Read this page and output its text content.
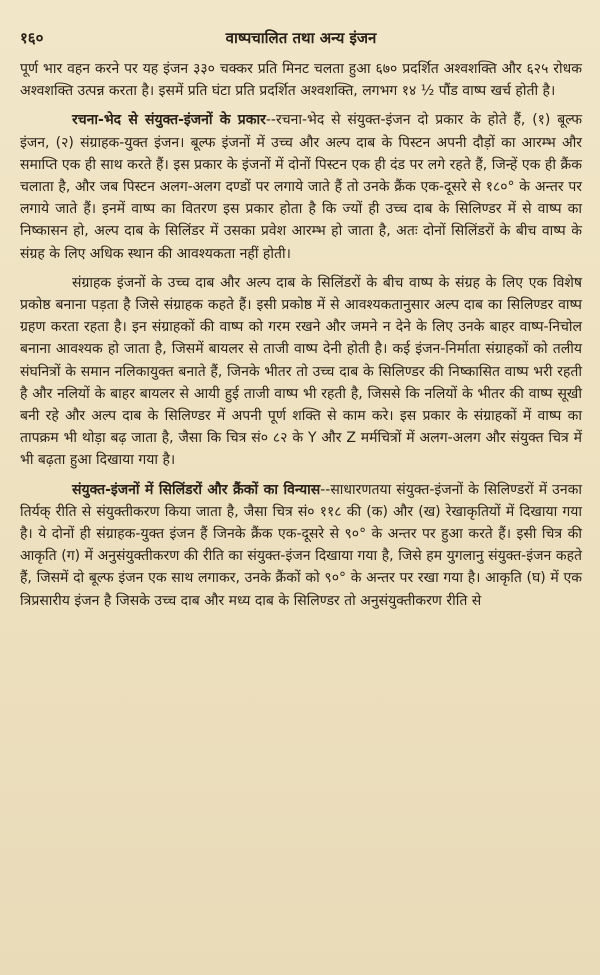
१६०	वाष्पचालित तथा अन्य इंजन

पूर्ण भार वहन करने पर यह इंजन ३३० चक्कर प्रति मिनट चलता हुआ ६७० प्रदर्शित अश्वशक्ति और ६२५ रोधक अश्वशक्ति उत्पन्न करता है। इसमें प्रति घंटा प्रति प्रदर्शित अश्वशक्ति, लगभग १४ ½ पौंड वाष्प खर्च होती है।

रचना-भेद से संयुक्त-इंजनों के प्रकार--रचना-भेद से संयुक्त-इंजन दो प्रकार के होते हैं, (१) बूल्फ इंजन, (२) संग्राहक-युक्त इंजन। बूल्फ इंजनों में उच्च और अल्प दाब के पिस्टन अपनी दौड़ों का आरम्भ और समाप्ति एक ही साथ करते हैं। इस प्रकार के इंजनों में दोनों पिस्टन एक ही दंड पर लगे रहते हैं, जिन्हें एक ही क्रैंक चलाता है, और जब पिस्टन अलग-अलग दण्डों पर लगाये जाते हैं तो उनके क्रैंक एक-दूसरे से १८०° के अन्तर पर लगाये जाते हैं। इनमें वाष्प का वितरण इस प्रकार होता है कि ज्यों ही उच्च दाब के सिलिण्डर में से वाष्प का निष्कासन हो, अल्प दाब के सिलिंडर में उसका प्रवेश आरम्भ हो जाता है, अतः दोनों सिलिंडरों के बीच वाष्प के संग्रह के लिए अधिक स्थान की आवश्यकता नहीं होती।

संग्राहक इंजनों के उच्च दाब और अल्प दाब के सिलिंडरों के बीच वाष्प के संग्रह के लिए एक विशेष प्रकोष्ठ बनाना पड़ता है जिसे संग्राहक कहते हैं। इसी प्रकोष्ठ में से आवश्यकतानुसार अल्प दाब का सिलिण्डर वाष्प ग्रहण करता रहता है। इन संग्राहकों की वाष्प को गरम रखने और जमने न देने के लिए उनके बाहर वाष्प-निचोल बनाना आवश्यक हो जाता है, जिसमें बायलर से ताजी वाष्प देनी होती है। कई इंजन-निर्माता संग्राहकों को तलीय संघनित्रों के समान नलिकायुक्त बनाते हैं, जिनके भीतर तो उच्च दाब के सिलिण्डर की निष्कासित वाष्प भरी रहती है और नलियों के बाहर बायलर से आयी हुई ताजी वाष्प भी रहती है, जिससे कि नलियों के भीतर की वाष्प सूखी बनी रहे और अल्प दाब के सिलिण्डर में अपनी पूर्ण शक्ति से काम करे। इस प्रकार के संग्राहकों में वाष्प का तापक्रम भी थोड़ा बढ़ जाता है, जैसा कि चित्र सं० ८२ के Y और Z मर्मचित्रों में अलग-अलग और संयुक्त चित्र में भी बढ़ता हुआ दिखाया गया है।

संयुक्त-इंजनों में सिलिंडरों और क्रैंकों का विन्यास--साधारणतया संयुक्त-इंजनों के सिलिण्डरों में उनका तिर्यक् रीति से संयुक्तीकरण किया जाता है, जैसा चित्र सं० ११८ की (क) और (ख) रेखाकृतियों में दिखाया गया है। ये दोनों ही संग्राहक-युक्त इंजन हैं जिनके क्रैंक एक-दूसरे से ९०° के अन्तर पर हुआ करते हैं। इसी चित्र की आकृति (ग) में अनुसंयुक्तीकरण की रीति का संयुक्त-इंजन दिखाया गया है, जिसे हम युगलानु संयुक्त-इंजन कहते हैं, जिसमें दो बूल्फ इंजन एक साथ लगाकर, उनके क्रैंकों को ९०° के अन्तर पर रखा गया है। आकृति (घ) में एक त्रिप्रसारीय इंजन है जिसके उच्च दाब और मध्य दाब के सिलिण्डर तो अनुसंयुक्तीकरण रीति से
